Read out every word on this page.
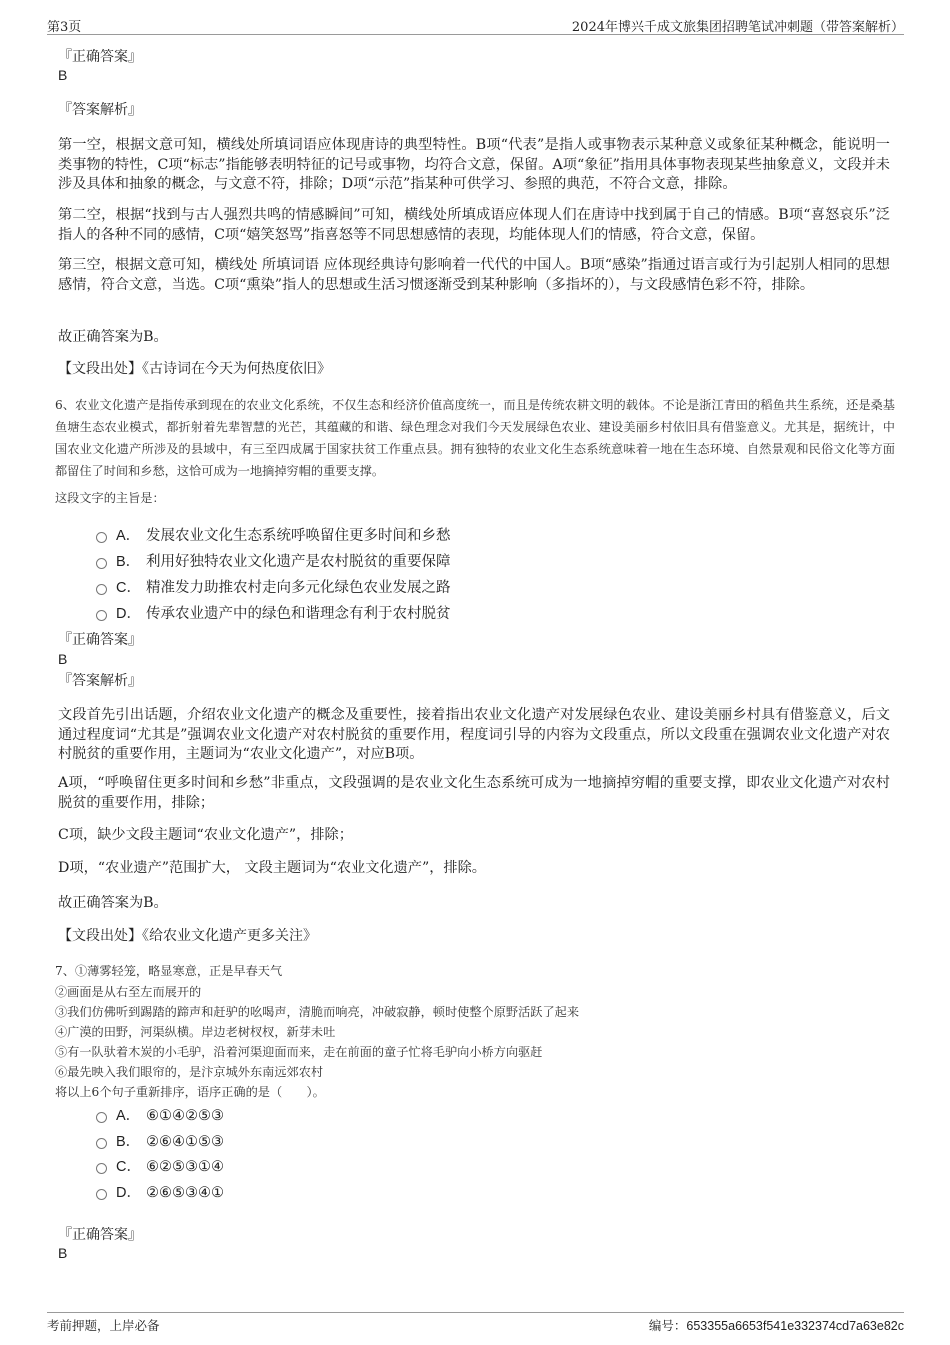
第3页	2024年博兴千成文旅集团招聘笔试冲刺题（带答案解析）
『正确答案』
B
『答案解析』
第一空，根据文意可知，横线处所填词语应体现唐诗的典型特性。B项“代表”是指人或事物表示某种意义或象征某种概念，能说明一类事物的特性，C项“标志”指能够表明特征的记号或事物，均符合文意，保留。A项“象征”指用具体事物表现某些抽象意义，文段并未涉及具体和抽象的概念，与文意不符，排除；D项“示范”指某种可供学习、参照的典范，不符合文意，排除。
第二空，根据“找到与古人强烈共鸣的情感瞬间”可知，横线处所填成语应体现人们在唐诗中找到属于自己的情感。B项“喜怒哀乐”泛指人的各种不同的感情，C项“嬉笑怒骂”指喜怒等不同思想感情的表现，均能体现人们的情感，符合文意，保留。
第三空，根据文意可知，横线处 所填词语 应体现经典诗句影响着一代代的中国人。B项“感染”指通过语言或行为引起别人相同的思想感情，符合文意，当选。C项“熏染”指人的思想或生活习惯逐渐受到某种影响（多指坏的），与文段感情色彩不符，排除。
故正确答案为B。
【文段出处】《古诗词在今天为何热度依旧》
6、农业文化遗产是指传承到现在的农业文化系统，不仅生态和经济价值高度统一，而且是传统农耕文明的载体。不论是浙江青田的稻鱼共生系统，还是桑基鱼塘生态农业模式，都折射着先辈智慧的光芒，其蕴藏的和谐、绿色理念对我们今天发展绿色农业、建设美丽乡村依旧具有借鉴意义。尤其是，据统计，中国农业文化遗产所涉及的县域中，有三至四成属于国家扶贫工作重点县。拥有独特的农业文化生态系统意味着一地在生态环境、自然景观和民俗文化等方面都留住了时间和乡愁，这恰可成为一地摘掉穷帽的重要支撑。
这段文字的主旨是：
A． 发展农业文化生态系统呼唤留住更多时间和乡愁
B． 利用好独特农业文化遗产是农村脱贫的重要保障
C． 精准发力助推农村走向多元化绿色农业发展之路
D． 传承农业遗产中的绿色和谐理念有利于农村脱贫
『正确答案』
B
『答案解析』
文段首先引出话题，介绍农业文化遗产的概念及重要性，接着指出农业文化遗产对发展绿色农业、建设美丽乡村具有借鉴意义，后文通过程度词“尤其是”强调农业文化遗产对农村脱贫的重要作用，程度词引导的内容为文段重点，所以文段重在强调农业文化遗产对农村脱贫的重要作用，主题词为“农业文化遗产”，对应B项。
A项，“呼唤留住更多时间和乡愁”非重点，文段强调的是农业文化生态系统可成为一地摘掉穷帽的重要支撑，即农业文化遗产对农村脱贫的重要作用，排除；
C项，缺少文段主题词“农业文化遗产”，排除；
D项，“农业遗产”范围扩大， 文段主题词为“农业文化遗产”，排除。
故正确答案为B。
【文段出处】《给农业文化遗产更多关注》
7、①薄雾轻笼，略显寒意，正是早春天气
②画面是从右至左而展开的
③我们仿佛听到踢踏的蹄声和赶驴的吆喝声，清脆而响亮，冲破寂静，顿时使整个原野活跃了起来
④广漠的田野，河渠纵横。岸边老树杈杈，新芽未吐
⑤有一队驮着木炭的小毛驴，沿着河渠迎面而来，走在前面的童子忙将毛驴向小桥方向驱赶
⑥最先映入我们眼帘的，是汴京城外东南远郊农村
将以上6个句子重新排序，语序正确的是（　　）。
A． ⑥①④②⑤③
B． ②⑥④①⑤③
C． ⑥②⑤③①④
D． ②⑥⑤③④①
『正确答案』
B
考前押题，上岸必备	编号：653355a6653f541e332374cd7a63e82c
